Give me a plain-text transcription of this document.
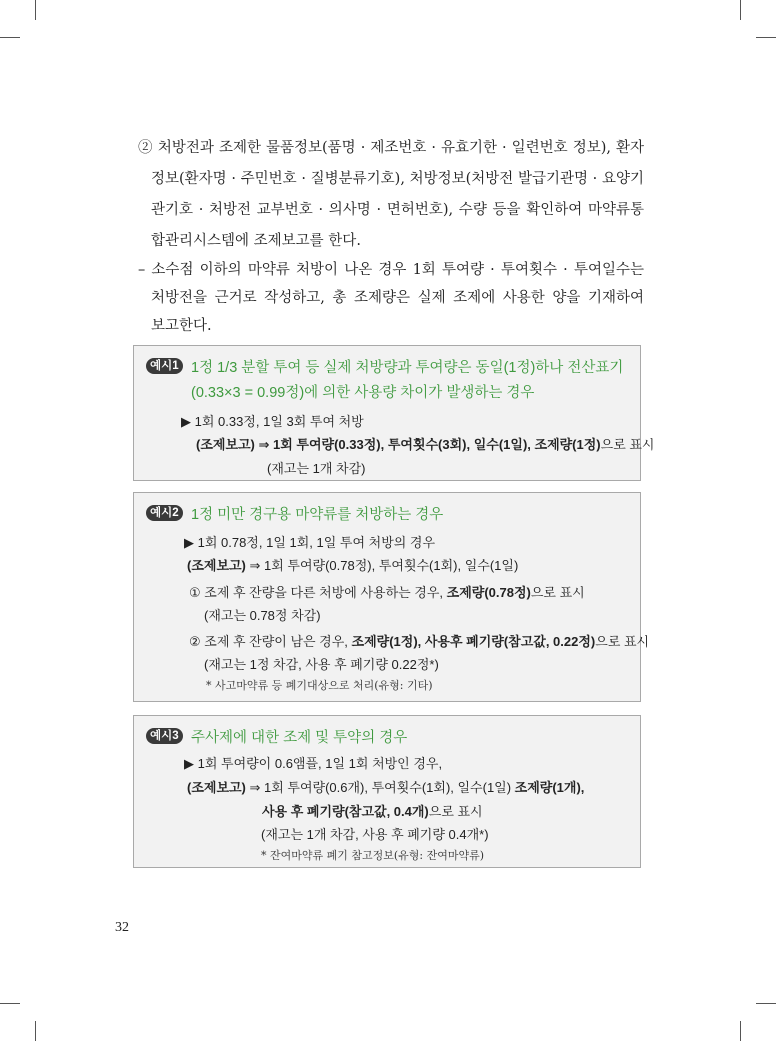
② 처방전과 조제한 물품정보(품명 · 제조번호 · 유효기한 · 일련번호 정보), 환자
정보(환자명 · 주민번호 · 질병분류기호), 처방정보(처방전 발급기관명 · 요양기
관기호 · 처방전 교부번호 · 의사명 · 면허번호), 수량 등을 확인하여 마약류통
합관리시스템에 조제보고를 한다.
– 소수점 이하의 마약류 처방이 나온 경우 1회 투여량 · 투여횟수 · 투여일수는
처방전을 근거로 작성하고, 총 조제량은 실제 조제에 사용한 양을 기재하여
보고한다.
예시1 1정 1/3 분할 투여 등 실제 처방량과 투여량은 동일(1정)하나 전산표기
(0.33×3 = 0.99정)에 의한 사용량 차이가 발생하는 경우
▶ 1회 0.33정, 1일 3회 투여 처방
(조제보고) ⇒ 1회 투여량(0.33정), 투여횟수(3회), 일수(1일), 조제량(1정)으로 표시
(재고는 1개 차감)
예시2 1정 미만 경구용 마약류를 처방하는 경우
▶ 1회 0.78정, 1일 1회, 1일 투여 처방의 경우
(조제보고) ⇒ 1회 투여량(0.78정), 투여횟수(1회), 일수(1일)
① 조제 후 잔량을 다른 처방에 사용하는 경우, 조제량(0.78정)으로 표시
(재고는 0.78정 차감)
② 조제 후 잔량이 남은 경우, 조제량(1정), 사용후 폐기량(참고값, 0.22정)으로 표시
(재고는 1정 차감, 사용 후 폐기량 0.22정*)
* 사고마약류 등 폐기대상으로 처리(유형: 기타)
예시3 주사제에 대한 조제 및 투약의 경우
▶ 1회 투여량이 0.6앰플, 1일 1회 처방인 경우,
(조제보고) ⇒ 1회 투여량(0.6개), 투여횟수(1회), 일수(1일) 조제량(1개),
사용 후 폐기량(참고값, 0.4개)으로 표시
(재고는 1개 차감, 사용 후 폐기량 0.4개*)
* 잔여마약류 폐기 참고정보(유형: 잔여마약류)
32
